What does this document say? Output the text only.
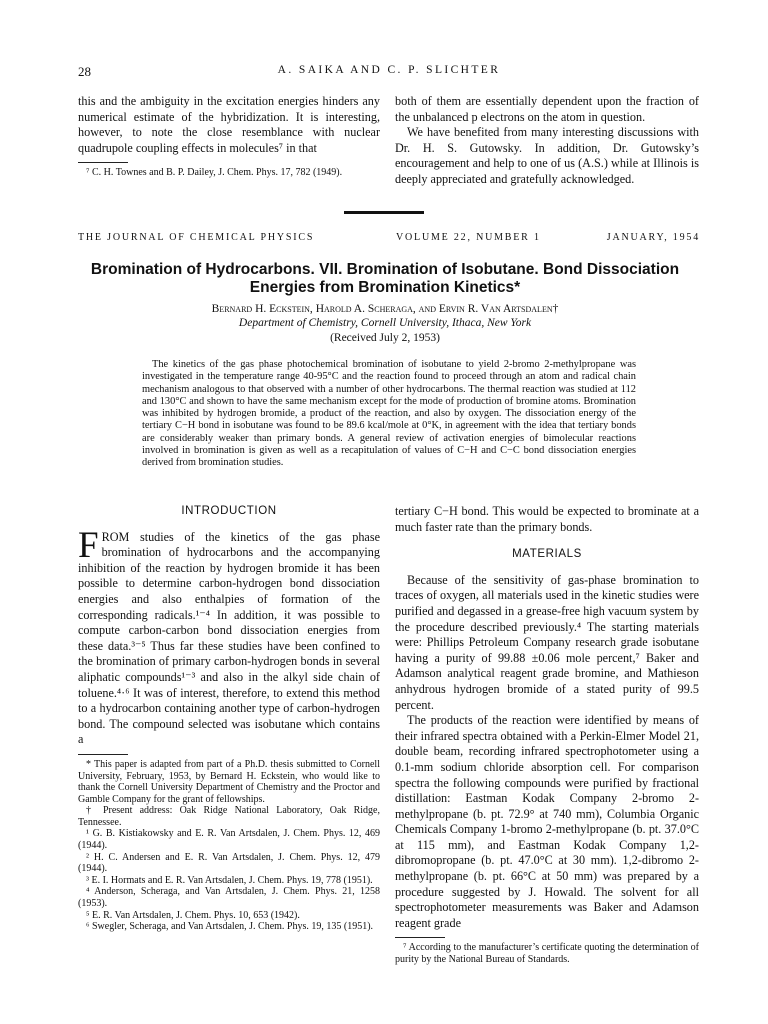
28	A. SAIKA AND C. P. SLICHTER

this and the ambiguity in the excitation energies hinders any numerical estimate of the hybridization. It is interesting, however, to note the close resemblance with nuclear quadrupole coupling effects in molecules⁷ in that

⁷ C. H. Townes and B. P. Dailey, J. Chem. Phys. 17, 782 (1949).

both of them are essentially dependent upon the fraction of the unbalanced p electrons on the atom in question.

We have benefited from many interesting discussions with Dr. H. S. Gutowsky. In addition, Dr. Gutowsky’s encouragement and help to one of us (A.S.) while at Illinois is deeply appreciated and gratefully acknowledged.

THE JOURNAL OF CHEMICAL PHYSICS	VOLUME 22, NUMBER 1	JANUARY, 1954
Bromination of Hydrocarbons. VII. Bromination of Isobutane. Bond Dissociation Energies from Bromination Kinetics*
Bernard H. Eckstein, Harold A. Scheraga, and Ervin R. Van Artsdalen†
Department of Chemistry, Cornell University, Ithaca, New York
(Received July 2, 1953)

The kinetics of the gas phase photochemical bromination of isobutane to yield 2-bromo 2-methylpropane was investigated in the temperature range 40-95°C and the reaction found to proceed through an atom and radical chain mechanism analogous to that observed with a number of other hydrocarbons. The thermal reaction was studied at 112 and 130°C and shown to have the same mechanism except for the mode of production of bromine atoms. Bromination was inhibited by hydrogen bromide, a product of the reaction, and also by oxygen. The dissociation energy of the tertiary C−H bond in isobutane was found to be 89.6 kcal/mole at 0°K, in agreement with the idea that tertiary bonds are considerably weaker than primary bonds. A general review of activation energies of bimolecular reactions involved in bromination is given as well as a recapitulation of values of C−H and C−C bond dissociation energies derived from bromination studies.

INTRODUCTION

FROM studies of the kinetics of the gas phase bromination of hydrocarbons and the accompanying inhibition of the reaction by hydrogen bromide it has been possible to determine carbon-hydrogen bond dissociation energies and also enthalpies of formation of the corresponding radicals.¹⁻⁴ In addition, it was possible to compute carbon-carbon bond dissociation energies from these data.³⁻⁵ Thus far these studies have been confined to the bromination of primary carbon-hydrogen bonds in several aliphatic compounds¹⁻³ and also in the alkyl side chain of toluene.⁴·⁶ It was of interest, therefore, to extend this method to a hydrocarbon containing another type of carbon-hydrogen bond. The compound selected was isobutane which contains a

* This paper is adapted from part of a Ph.D. thesis submitted to Cornell University, February, 1953, by Bernard H. Eckstein, who would like to thank the Cornell University Department of Chemistry and the Proctor and Gamble Company for the grant of fellowships.

† Present address: Oak Ridge National Laboratory, Oak Ridge, Tennessee.

¹ G. B. Kistiakowsky and E. R. Van Artsdalen, J. Chem. Phys. 12, 469 (1944).

² H. C. Andersen and E. R. Van Artsdalen, J. Chem. Phys. 12, 479 (1944).

³ E. I. Hormats and E. R. Van Artsdalen, J. Chem. Phys. 19, 778 (1951).

⁴ Anderson, Scheraga, and Van Artsdalen, J. Chem. Phys. 21, 1258 (1953).

⁵ E. R. Van Artsdalen, J. Chem. Phys. 10, 653 (1942).

⁶ Swegler, Scheraga, and Van Artsdalen, J. Chem. Phys. 19, 135 (1951).

tertiary C−H bond. This would be expected to brominate at a much faster rate than the primary bonds.

MATERIALS

Because of the sensitivity of gas-phase bromination to traces of oxygen, all materials used in the kinetic studies were purified and degassed in a grease-free high vacuum system by the procedure described previously.⁴ The starting materials were: Phillips Petroleum Company research grade isobutane having a purity of 99.88 ±0.06 mole percent,⁷ Baker and Adamson analytical reagent grade bromine, and Mathieson anhydrous hydrogen bromide of a stated purity of 99.5 percent.

The products of the reaction were identified by means of their infrared spectra obtained with a Perkin-Elmer Model 21, double beam, recording infrared spectrophotometer using a 0.1-mm sodium chloride absorption cell. For comparison spectra the following compounds were purified by fractional distillation: Eastman Kodak Company 2-bromo 2-methylpropane (b. pt. 72.9° at 740 mm), Columbia Organic Chemicals Company 1-bromo 2-methylpropane (b. pt. 37.0°C at 115 mm), and Eastman Kodak Company 1,2-dibromopropane (b. pt. 47.0°C at 30 mm). 1,2-dibromo 2-methylpropane (b. pt. 66°C at 50 mm) was prepared by a procedure suggested by J. Howald. The solvent for all spectrophotometer measurements was Baker and Adamson reagent grade

⁷ According to the manufacturer’s certificate quoting the determination of purity by the National Bureau of Standards.
